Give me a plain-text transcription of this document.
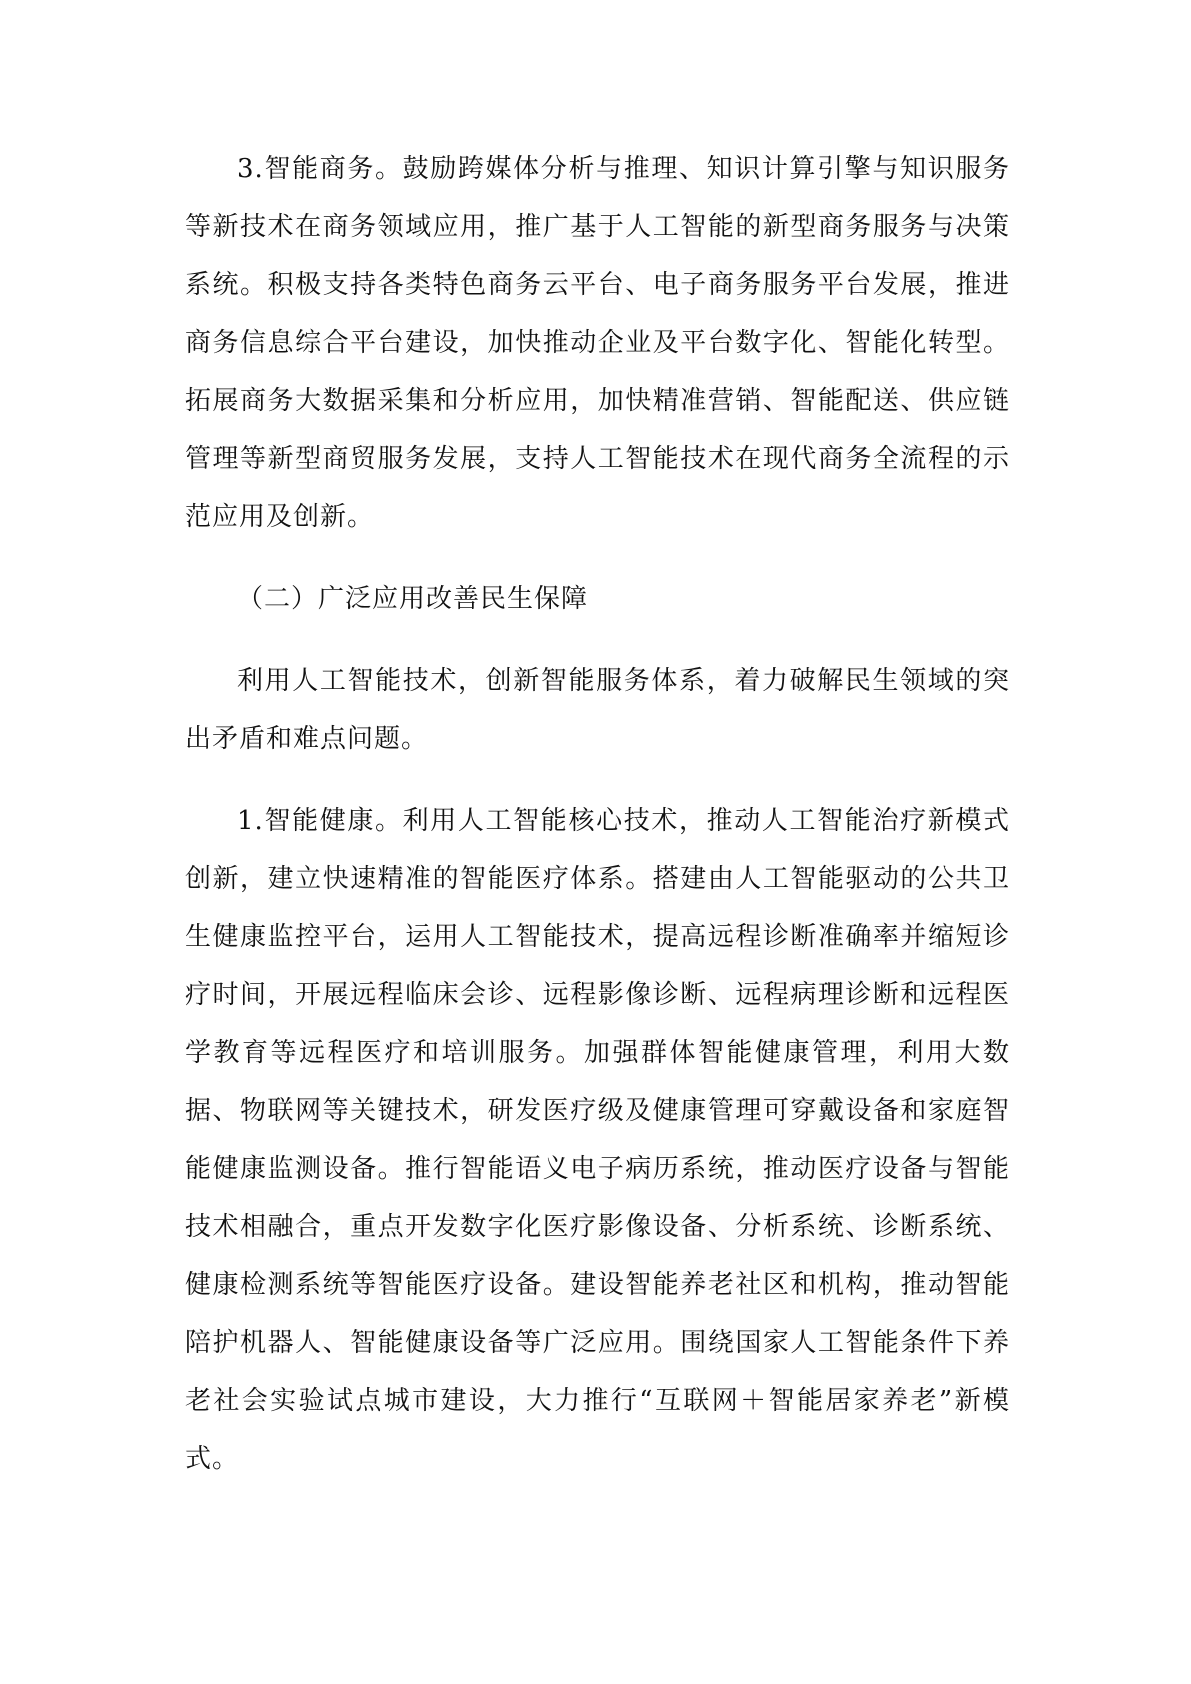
3.智能商务。鼓励跨媒体分析与推理、知识计算引擎与知识服务等新技术在商务领域应用，推广基于人工智能的新型商务服务与决策系统。积极支持各类特色商务云平台、电子商务服务平台发展，推进商务信息综合平台建设，加快推动企业及平台数字化、智能化转型。拓展商务大数据采集和分析应用，加快精准营销、智能配送、供应链管理等新型商贸服务发展，支持人工智能技术在现代商务全流程的示范应用及创新。

（二）广泛应用改善民生保障

利用人工智能技术，创新智能服务体系，着力破解民生领域的突出矛盾和难点问题。

1.智能健康。利用人工智能核心技术，推动人工智能治疗新模式创新，建立快速精准的智能医疗体系。搭建由人工智能驱动的公共卫生健康监控平台，运用人工智能技术，提高远程诊断准确率并缩短诊疗时间，开展远程临床会诊、远程影像诊断、远程病理诊断和远程医学教育等远程医疗和培训服务。加强群体智能健康管理，利用大数据、物联网等关键技术，研发医疗级及健康管理可穿戴设备和家庭智能健康监测设备。推行智能语义电子病历系统，推动医疗设备与智能技术相融合，重点开发数字化医疗影像设备、分析系统、诊断系统、健康检测系统等智能医疗设备。建设智能养老社区和机构，推动智能陪护机器人、智能健康设备等广泛应用。围绕国家人工智能条件下养老社会实验试点城市建设，大力推行“互联网＋智能居家养老”新模式。
